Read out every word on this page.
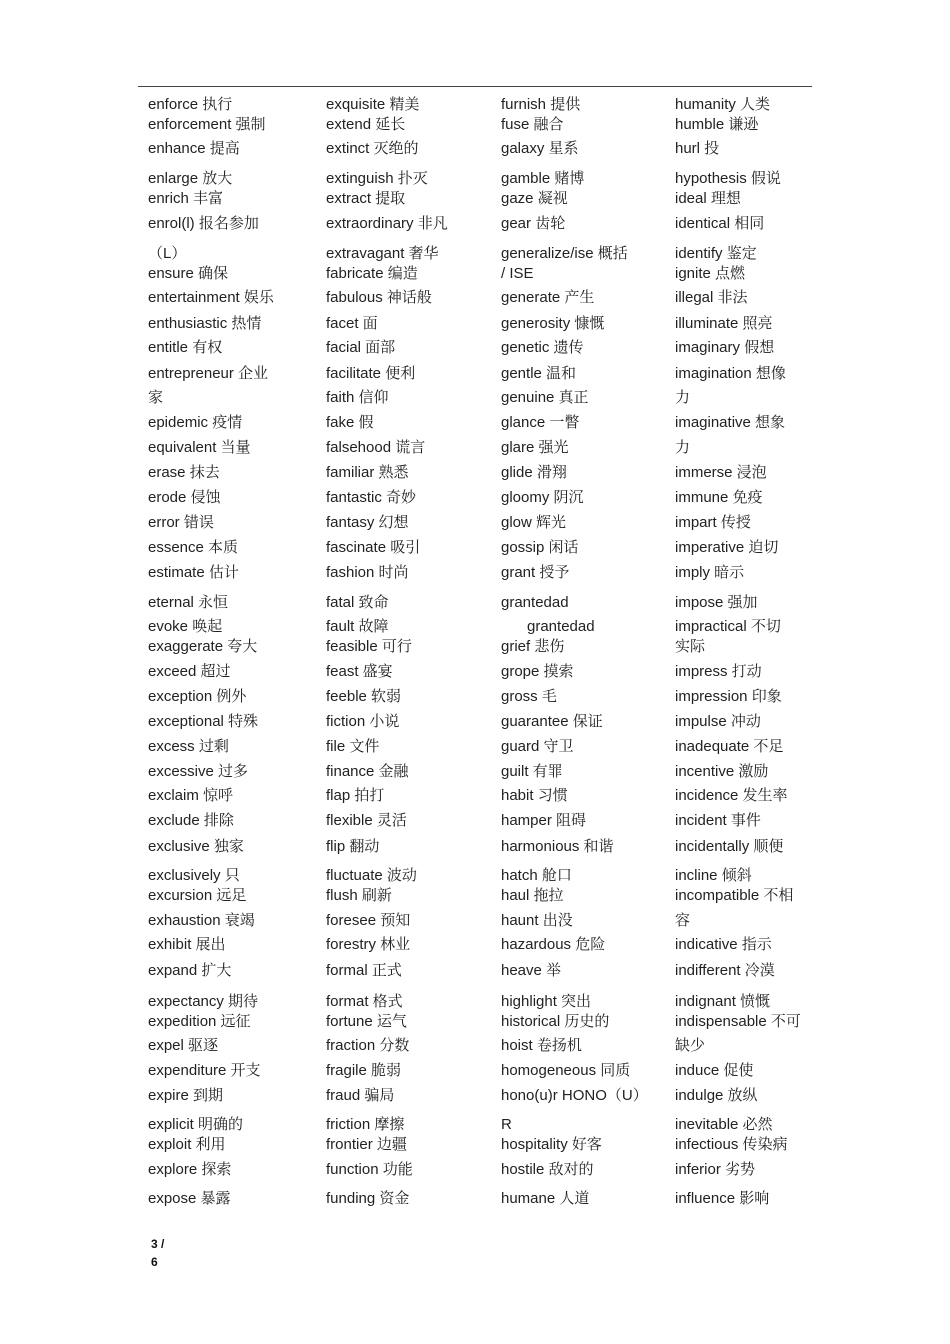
enforce 执行
enforcement 强制
enhance 提高
enlarge 放大
enrich 丰富
enrol(l) 报名参加
（L）
ensure 确保
entertainment 娱乐
enthusiastic 热情
entitle 有权
entrepreneur 企业
家
epidemic 疫情
equivalent 当量
erase 抹去
erode 侵蚀
error 错误
essence 本质
estimate 估计
eternal 永恒
evoke 唤起
exaggerate 夸大
exceed 超过
exception 例外
exceptional 特殊
excess 过剩
excessive 过多
exclaim 惊呼
exclude 排除
exclusive 独家
exclusively 只
excursion 远足
exhaustion 衰竭
exhibit 展出
expand 扩大
expectancy 期待
expedition 远征
expel 驱逐
expenditure 开支
expire 到期
explicit 明确的
exploit 利用
explore 探索
expose 暴露
exquisite 精美
extend 延长
extinct 灭绝的
extinguish 扑灭
extract 提取
extraordinary 非凡
extravagant 奢华
fabricate 编造
fabulous 神话般
facet 面
facial 面部
facilitate 便利
faith 信仰
fake 假
falsehood 谎言
familiar 熟悉
fantastic 奇妙
fantasy 幻想
fascinate 吸引
fashion 时尚
fatal 致命
fault 故障
feasible 可行
feast 盛宴
feeble 软弱
fiction 小说
file 文件
finance 金融
flap 拍打
flexible 灵活
flip 翻动
fluctuate 波动
flush 刷新
foresee 预知
forestry 林业
formal 正式
format 格式
fortune 运气
fraction 分数
fragile 脆弱
fraud 骗局
friction 摩擦
frontier 边疆
function 功能
funding 资金
furnish 提供
fuse 融合
galaxy 星系
gamble 赌博
gaze 凝视
gear 齿轮
generalize/ise 概括
/ ISE
generate 产生
generosity 慷慨
genetic 遗传
gentle 温和
genuine 真正
glance 一瞥
glare 强光
glide 滑翔
gloomy 阴沉
glow 辉光
gossip 闲话
grant 授予
grantedad
grantedad
grief 悲伤
grope 摸索
gross 毛
guarantee 保证
guard 守卫
guilt 有罪
habit 习惯
hamper 阻碍
harmonious 和谐
hatch 舱口
haul 拖拉
haunt 出没
hazardous 危险
heave 举
highlight 突出
historical 历史的
hoist 卷扬机
homogeneous 同质
hono(u)r HONO（U）
R
hospitality 好客
hostile 敌对的
humane 人道
humanity 人类
humble 谦逊
hurl 投
hypothesis 假说
ideal 理想
identical 相同
identify 鉴定
ignite 点燃
illegal 非法
illuminate 照亮
imaginary 假想
imagination 想像
力
imaginative 想象
力
immerse 浸泡
immune 免疫
impart 传授
imperative 迫切
imply 暗示
impose 强加
impractical 不切
实际
impress 打动
impression 印象
impulse 冲动
inadequate 不足
incentive 激励
incidence 发生率
incident 事件
incidentally 顺便
incline 倾斜
incompatible 不相
容
indicative 指示
indifferent 冷漠
indignant 愤慨
indispensable 不可
缺少
induce 促使
indulge 放纵
inevitable 必然
infectious 传染病
inferior 劣势
influence 影响
3 /
6
